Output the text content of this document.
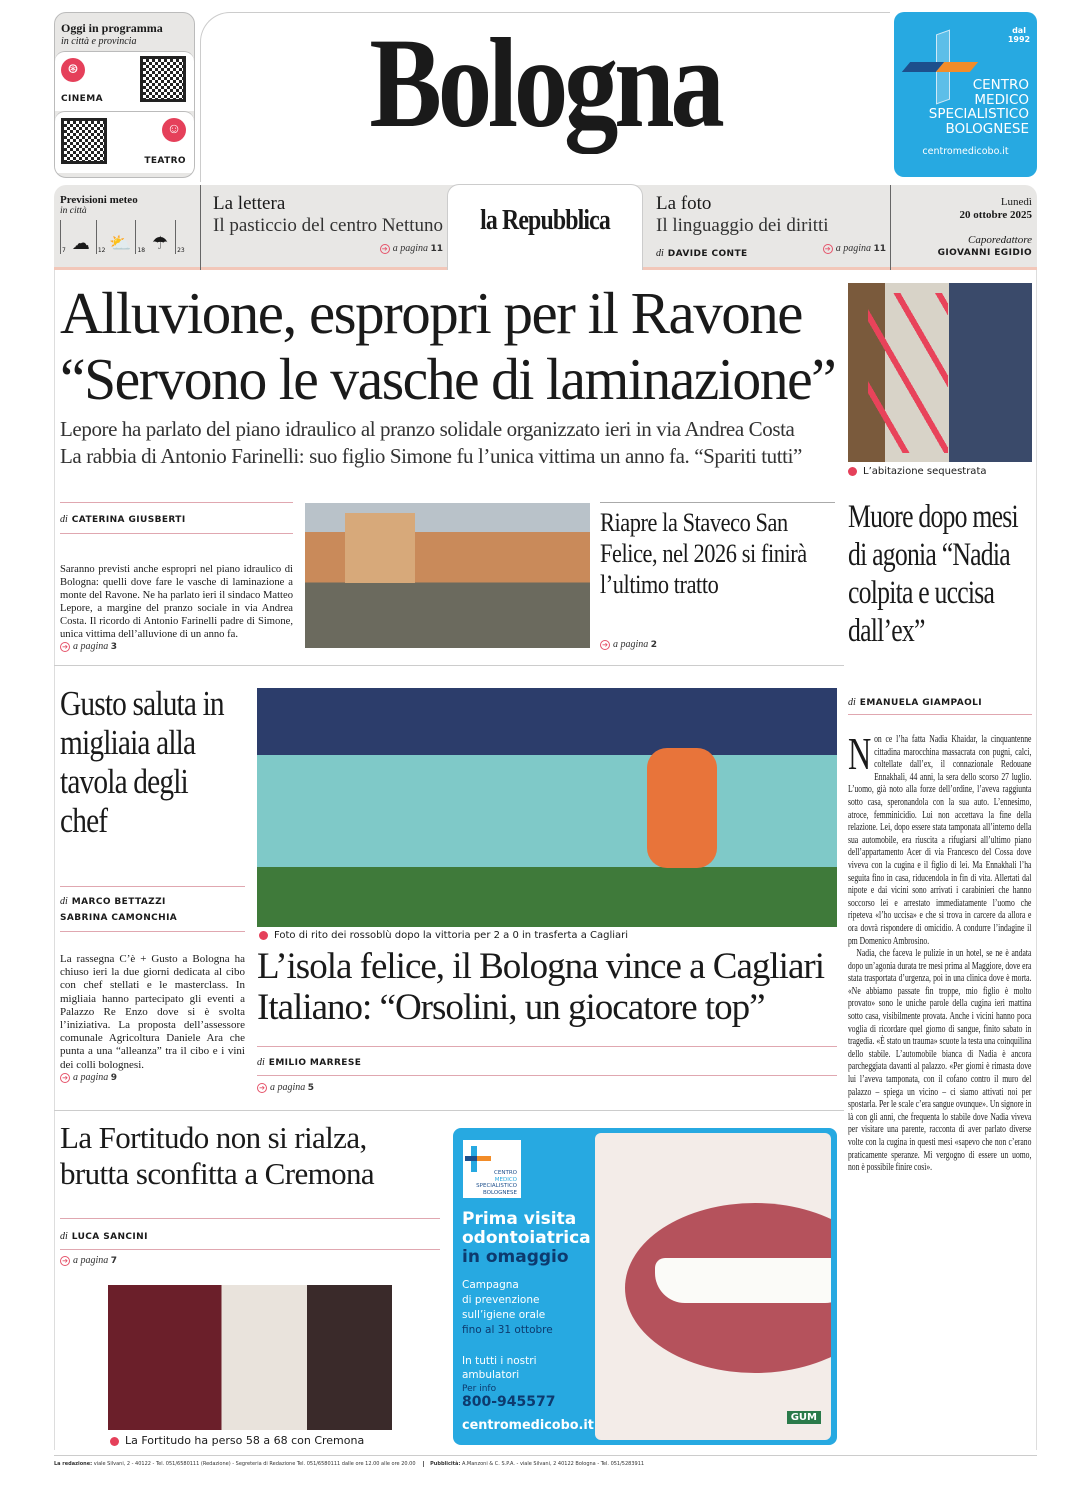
Oggi in programma
in città e provincia
⊛
CINEMA
☺
TEATRO
Bologna	dal 1992
CENTRO
MEDICO
SPECIALISTICO
BOLOGNESE
centromedicobo.it
Previsioni meteo
in città
7 ☁	12 ⛅ 18 ☂	23
La lettera
Il pasticcio del centro Nettuno
➔ a pagina 11
la Repubblica
La foto
Il linguaggio dei diritti
di DAVIDE CONTE
➔ a pagina 11
Lunedì
20 ottobre 2025
Caporedattore
GIOVANNI EGIDIO
Alluvione, espropri per il Ravone
“Servono le vasche di laminazione”
Lepore ha parlato del piano idraulico al pranzo solidale organizzato ieri in via Andrea Costa
La rabbia di Antonio Farinelli: suo figlio Simone fu l’unica vittima un anno fa. “Spariti tutti”
L’abitazione sequestrata
di CATERINA GIUSBERTI
Saranno previsti anche espropri nel piano idraulico di Bologna: quelli dove fare le vasche di laminazione a monte del Ravone. Ne ha parlato ieri il sindaco Matteo Lepore, a margine del pranzo sociale in via Andrea Costa. Il ricordo di Antonio Farinelli padre di Simone, unica vittima dell’alluvione di un anno fa.
➔ a pagina 3
Riapre la Staveco San Felice, nel 2026 si finirà l’ultimo tratto
➔ a pagina 2
Muore dopo mesi di agonia “Nadia colpita e uccisa dall’ex”
Gusto saluta in migliaia alla tavola degli chef
di MARCO BETTAZZI
SABRINA CAMONCHIA
La rassegna C’è + Gusto a Bologna ha chiuso ieri la due giorni dedicata al cibo con chef stellati e le masterclass. In migliaia hanno partecipato gli eventi a Palazzo Re Enzo dove si è svolta l’iniziativa. La proposta dell’assessore comunale Agricoltura Daniele Ara che punta a una “alleanza” tra il cibo e i vini dei colli bolognesi.
➔ a pagina 9
Foto di rito dei rossoblù dopo la vittoria per 2 a 0 in trasferta a Cagliari
L’isola felice, il Bologna vince a Cagliari
Italiano: “Orsolini, un giocatore top”
di EMILIO MARRESE
➔ a pagina 5
di EMANUELA GIAMPAOLI
Non ce l’ha fatta Nadia Khaidar, la cinquantenne cittadina marocchina massacrata con pugni, calci, coltellate dall’ex, il connazionale Redouane Ennakhali, 44 anni, la sera dello scorso 27 luglio. L’uomo, già noto alla forze dell’ordine, l’aveva raggiunta sotto casa, speronandola con la sua auto. L’ennesimo, atroce, femminicidio. Lui non accettava la fine della relazione. Lei, dopo essere stata tamponata all’interno della sua automobile, era riuscita a rifugiarsi all’ultimo piano dell’appartamento Acer di via Francesco del Cossa dove viveva con la cugina e il figlio di lei. Ma Ennakhali l’ha seguita fino in casa, riducendola in fin di vita. Allertati dal nipote e dai vicini sono arrivati i carabinieri che hanno soccorso lei e arrestato immediatamente l’uomo che ripeteva «l’ho uccisa» e che si trova in carcere da allora e ora dovrà rispondere di omicidio. A condurre l’indagine il pm Domenico Ambrosino.
Nadia, che faceva le pulizie in un hotel, se ne è andata dopo un’agonia durata tre mesi prima al Maggiore, dove era stata trasportata d’urgenza, poi in una clinica dove è morta. «Ne abbiamo passate fin troppe, mio figlio è molto provato» sono le uniche parole della cugina ieri mattina sotto casa, visibilmente provata. Anche i vicini hanno poca voglia di ricordare quel giorno di sangue, finito sabato in tragedia. «È stato un trauma» scuote la testa una coinquilina dello stabile. L’automobile bianca di Nadia è ancora parcheggiata davanti al palazzo. «Per giorni è rimasta dove lui l’aveva tamponata, con il cofano contro il muro del palazzo – spiega un vicino – ci siamo attivati noi per spostarla. Per le scale c’era sangue ovunque». Un signore in là con gli anni, che frequenta lo stabile dove Nadia viveva per visitare una parente, racconta di aver parlato diverse volte con la cugina in questi mesi «sapevo che non c’erano praticamente speranze. Mi vergogno di essere un uomo, non è possibile finire così».
La Fortitudo non si rialza,
brutta sconfitta a Cremona
di LUCA SANCINI
➔ a pagina 7
La Fortitudo ha perso 58 a 68 con Cremona
CENTRO
MEDICO
SPECIALISTICO
BOLOGNESE
Prima visita
odontoiatrica
in omaggio
Campagna
di prevenzione
sull’igiene orale
fino al 31 ottobre
In tutti i nostri
ambulatori
Per info
800-945577
centromedicobo.it
GUM
La redazione: viale Silvani, 2 - 40122 - Tel. 051/6580111 (Redazione) - Segreteria di Redazione Tel. 051/6580111 dalle ore 12.00 alle ore 20.00	Pubblicità: A.Manzoni & C. S.P.A. - viale Silvani, 2 40122 Bologna - Tel. 051/5283911
